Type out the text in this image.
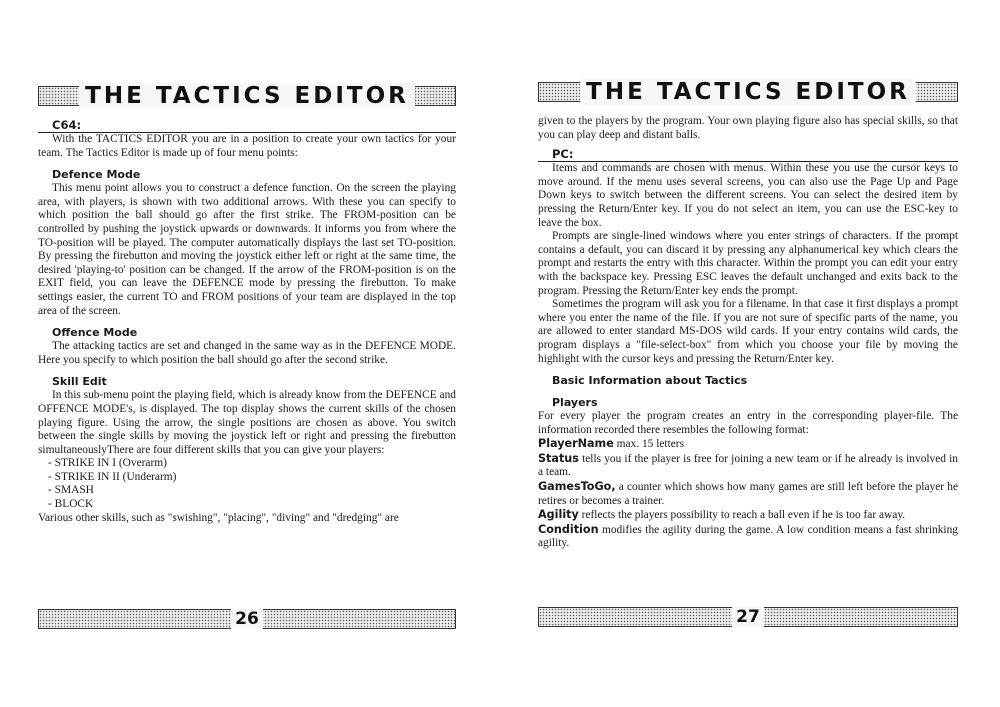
THE TACTICS EDITOR
C64:

With the TACTICS EDITOR you are in a position to create your own tactics for your team. The Tactics Editor is made up of four menu points:

Defence Mode

This menu point allows you to construct a defence function. On the screen the playing area, with players, is shown with two additional arrows. With these you can specify to which position the ball should go after the first strike. The FROM-position can be controlled by pushing the joystick upwards or downwards. It informs you from where the TO-position will be played. The computer automatically displays the last set TO-position. By pressing the firebutton and moving the joystick either left or right at the same time, the desired 'playing-to' position can be changed. If the arrow of the FROM-position is on the EXIT field, you can leave the DEFENCE mode by pressing the firebutton. To make settings easier, the current TO and FROM positions of your team are displayed in the top area of the screen.

Offence Mode

The attacking tactics are set and changed in the same way as in the DEFENCE MODE. Here you specify to which position the ball should go after the second strike.

Skill Edit

In this sub-menu point the playing field, which is already know from the DEFENCE and OFFENCE MODE's, is displayed. The top display shows the current skills of the chosen playing figure. Using the arrow, the single positions are chosen as above. You switch between the single skills by moving the joystick left or right and pressing the firebutton simultaneouslyThere are four different skills that you can give your players:

- STRIKE IN I (Overarm)
- STRIKE IN II (Underarm)
- SMASH
- BLOCK

Various other skills, such as "swishing", "placing", "diving" and "dredging" are

26
THE TACTICS EDITOR

given to the players by the program. Your own playing figure also has special skills, so that you can play deep and distant balls.

PC:

Items and commands are chosen with menus. Within these you use the cursor keys to move around. If the menu uses several screens, you can also use the Page Up and Page Down keys to switch between the different screens. You can select the desired item by pressing the Return/Enter key. If you do not select an item, you can use the ESC-key to leave the box.

Prompts are single-lined windows where you enter strings of characters. If the prompt contains a default, you can discard it by pressing any alphanumerical key which clears the prompt and restarts the entry with this character. Within the prompt you can edit your entry with the backspace key. Pressing ESC leaves the default unchanged and exits back to the program. Pressing the Return/Enter key ends the prompt.

Sometimes the program will ask you for a filename. In that case it first displays a prompt where you enter the name of the file. If you are not sure of specific parts of the name, you are allowed to enter standard MS-DOS wild cards. If your entry contains wild cards, the program displays a "file-select-box" from which you choose your file by moving the highlight with the cursor keys and pressing the Return/Enter key.

Basic Information about Tactics
Players

For every player the program creates an entry in the corresponding player-file. The information recorded there resembles the following format:

PlayerName max. 15 letters

Status tells you if the player is free for joining a new team or if he already is involved in a team.

GamesToGo, a counter which shows how many games are still left before the player he retires or becomes a trainer.

Agility reflects the players possibility to reach a ball even if he is too far away.

Condition modifies the agility during the game. A low condition means a fast shrinking agility.

27
